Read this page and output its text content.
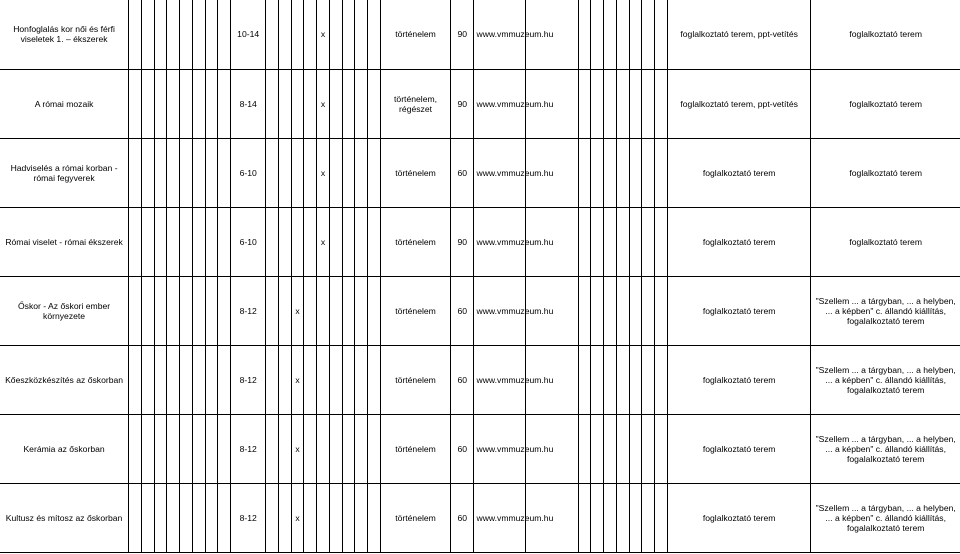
Honfoglalás kor női és férfi viseletek 1. – ékszerek									10-14					x					történelem	90	www.vmmuzeum.hu									foglalkoztató terem, ppt-vetítés	foglalkoztató terem

A római mozaik									8-14					x					történelem, régészet	90	www.vmmuzeum.hu									foglalkoztató terem, ppt-vetítés	foglalkoztató terem

Hadviselés a római korban - római fegyverek									6-10					x					történelem	60	www.vmmuzeum.hu									foglalkoztató terem	foglalkoztató terem

Római viselet - római ékszerek									6-10					x					történelem	90	www.vmmuzeum.hu									foglalkoztató terem	foglalkoztató terem

Őskor - Az őskori ember környezete									8-12			x							történelem	60	www.vmmuzeum.hu									foglalkoztató terem	"Szellem ... a tárgyban, ... a helyben, ... a képben" c. állandó kiállítás, fogalalkoztató terem

Kőeszközkészítés az őskorban									8-12			x							történelem	60	www.vmmuzeum.hu									foglalkoztató terem	"Szellem ... a tárgyban, ... a helyben, ... a képben" c. állandó kiállítás, fogalalkoztató terem

Kerámia az őskorban									8-12			x							történelem	60	www.vmmuzeum.hu									foglalkoztató terem	"Szellem ... a tárgyban, ... a helyben, ... a képben" c. állandó kiállítás, fogalalkoztató terem

Kultusz és mítosz az őskorban									8-12			x							történelem	60	www.vmmuzeum.hu									foglalkoztató terem	"Szellem ... a tárgyban, ... a helyben, ... a képben" c. állandó kiállítás, fogalalkoztató terem
